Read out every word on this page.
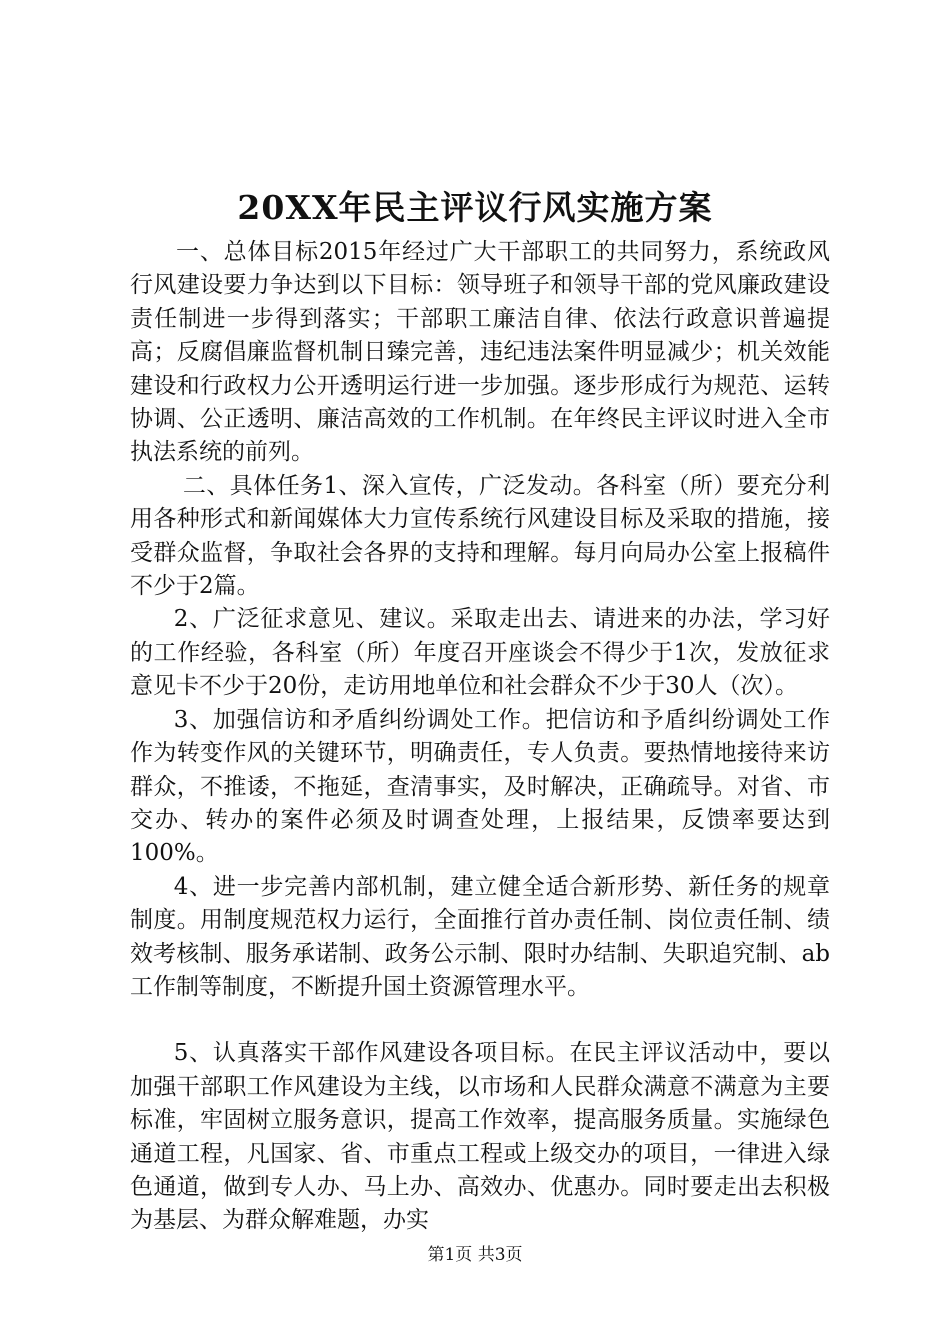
20XX年民主评议行风实施方案

一、总体目标2015年经过广大干部职工的共同努力，系统政风行风建设要力争达到以下目标：领导班子和领导干部的党风廉政建设责任制进一步得到落实；干部职工廉洁自律、依法行政意识普遍提高；反腐倡廉监督机制日臻完善，违纪违法案件明显减少；机关效能建设和行政权力公开透明运行进一步加强。逐步形成行为规范、运转协调、公正透明、廉洁高效的工作机制。在年终民主评议时进入全市执法系统的前列。

二、具体任务1、深入宣传，广泛发动。各科室（所）要充分利用各种形式和新闻媒体大力宣传系统行风建设目标及采取的措施，接受群众监督，争取社会各界的支持和理解。每月向局办公室上报稿件不少于2篇。

2、广泛征求意见、建议。采取走出去、请进来的办法，学习好的工作经验，各科室（所）年度召开座谈会不得少于1次，发放征求意见卡不少于20份，走访用地单位和社会群众不少于30人（次）。

3、加强信访和矛盾纠纷调处工作。把信访和予盾纠纷调处工作作为转变作风的关键环节，明确责任，专人负责。要热情地接待来访群众，不推诿，不拖延，查清事实，及时解决，正确疏导。对省、市交办、转办的案件必须及时调查处理，上报结果，反馈率要达到100%。

4、进一步完善内部机制，建立健全适合新形势、新任务的规章制度。用制度规范权力运行，全面推行首办责任制、岗位责任制、绩效考核制、服务承诺制、政务公示制、限时办结制、失职追究制、ab工作制等制度，不断提升国土资源管理水平。

5、认真落实干部作风建设各项目标。在民主评议活动中，要以加强干部职工作风建设为主线，以市场和人民群众满意不满意为主要标准，牢固树立服务意识，提高工作效率，提高服务质量。实施绿色通道工程，凡国家、省、市重点工程或上级交办的项目，一律进入绿色通道，做到专人办、马上办、高效办、优惠办。同时要走出去积极为基层、为群众解难题，办实

第1页 共3页
